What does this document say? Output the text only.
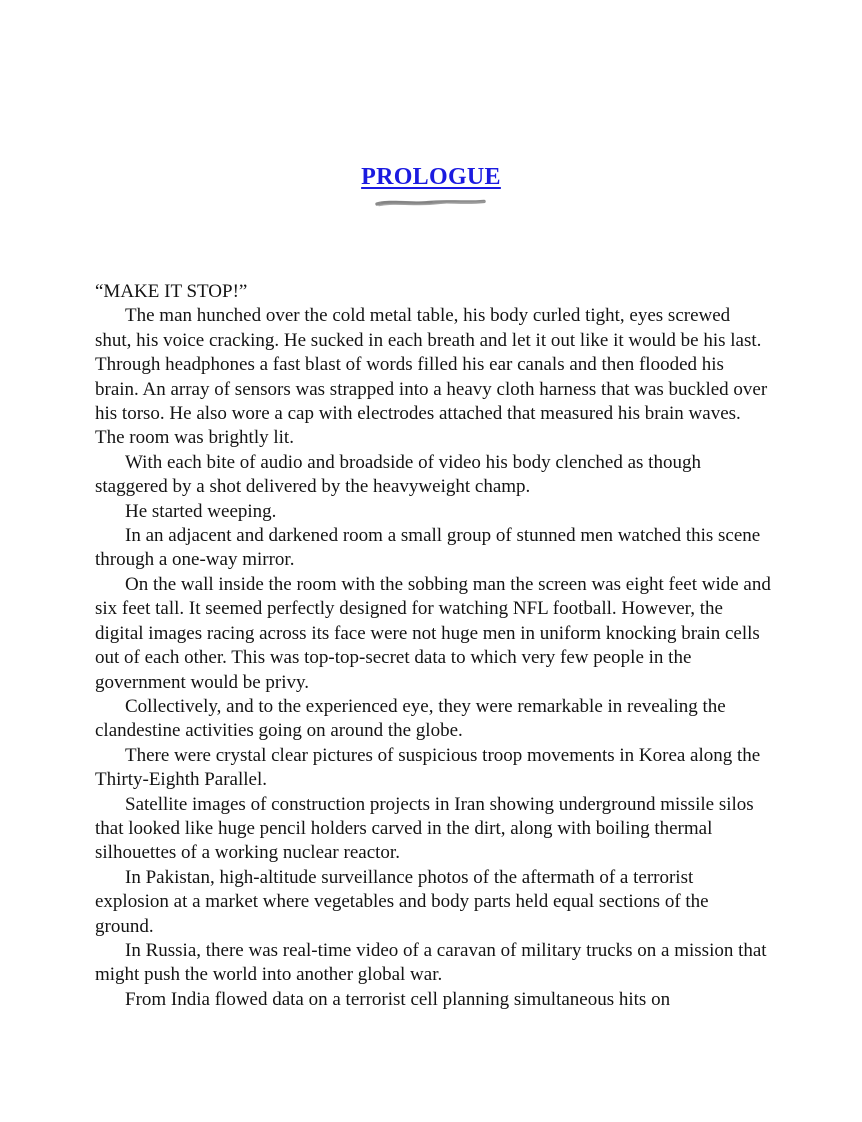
PROLOGUE

“MAKE IT STOP!”

The man hunched over the cold metal table, his body curled tight, eyes screwed shut, his voice cracking. He sucked in each breath and let it out like it would be his last. Through headphones a fast blast of words filled his ear canals and then flooded his brain. An array of sensors was strapped into a heavy cloth harness that was buckled over his torso. He also wore a cap with electrodes attached that measured his brain waves. The room was brightly lit.

With each bite of audio and broadside of video his body clenched as though staggered by a shot delivered by the heavyweight champ.

He started weeping.

In an adjacent and darkened room a small group of stunned men watched this scene through a one-way mirror.

On the wall inside the room with the sobbing man the screen was eight feet wide and six feet tall. It seemed perfectly designed for watching NFL football. However, the digital images racing across its face were not huge men in uniform knocking brain cells out of each other. This was top-top-secret data to which very few people in the government would be privy.

Collectively, and to the experienced eye, they were remarkable in revealing the clandestine activities going on around the globe.

There were crystal clear pictures of suspicious troop movements in Korea along the Thirty-Eighth Parallel.

Satellite images of construction projects in Iran showing underground missile silos that looked like huge pencil holders carved in the dirt, along with boiling thermal silhouettes of a working nuclear reactor.

In Pakistan, high-altitude surveillance photos of the aftermath of a terrorist explosion at a market where vegetables and body parts held equal sections of the ground.

In Russia, there was real-time video of a caravan of military trucks on a mission that might push the world into another global war.

From India flowed data on a terrorist cell planning simultaneous hits on
